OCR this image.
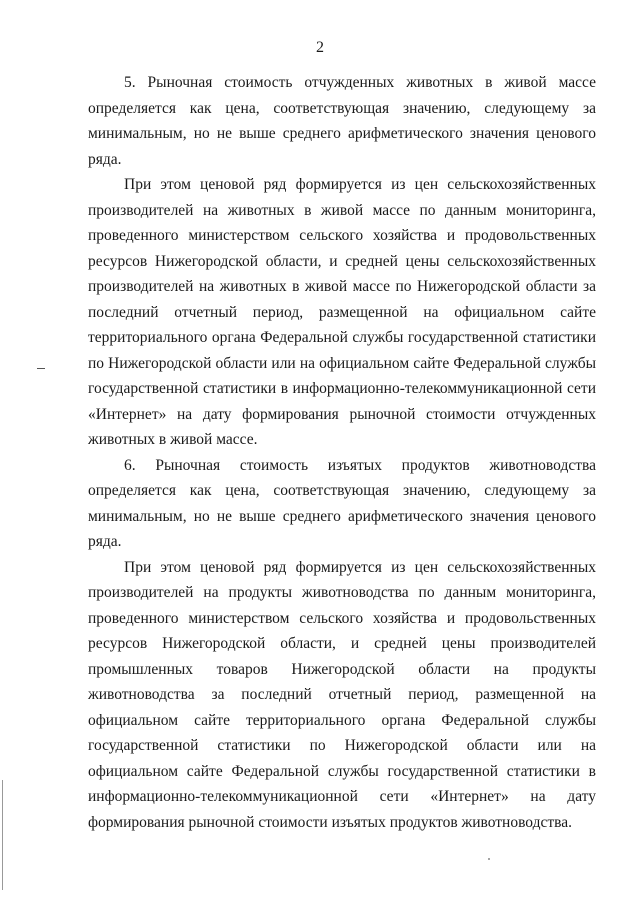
2

5. Рыночная стоимость отчужденных животных в живой массе определяется как цена, соответствующая значению, следующему за минимальным, но не выше среднего арифметического значения ценового ряда.

При этом ценовой ряд формируется из цен сельскохозяйственных производителей на животных в живой массе по данным мониторинга, проведенного министерством сельского хозяйства и продовольственных ресурсов Нижегородской области, и средней цены сельскохозяйственных производителей на животных в живой массе по Нижегородской области за последний отчетный период, размещенной на официальном сайте территориального органа Федеральной службы государственной статистики по Нижегородской области или на официальном сайте Федеральной службы государственной статистики в информационно-телекоммуникационной сети «Интернет» на дату формирования рыночной стоимости отчужденных животных в живой массе.

6. Рыночная стоимость изъятых продуктов животноводства определяется как цена, соответствующая значению, следующему за минимальным, но не выше среднего арифметического значения ценового ряда.

При этом ценовой ряд формируется из цен сельскохозяйственных производителей на продукты животноводства по данным мониторинга, проведенного министерством сельского хозяйства и продовольственных ресурсов Нижегородской области, и средней цены производителей промышленных товаров Нижегородской области на продукты животноводства за последний отчетный период, размещенной на официальном сайте территориального органа Федеральной службы государственной статистики по Нижегородской области или на официальном сайте Федеральной службы государственной статистики в информационно-телекоммуникационной сети «Интернет» на дату формирования рыночной стоимости изъятых продуктов животноводства.
